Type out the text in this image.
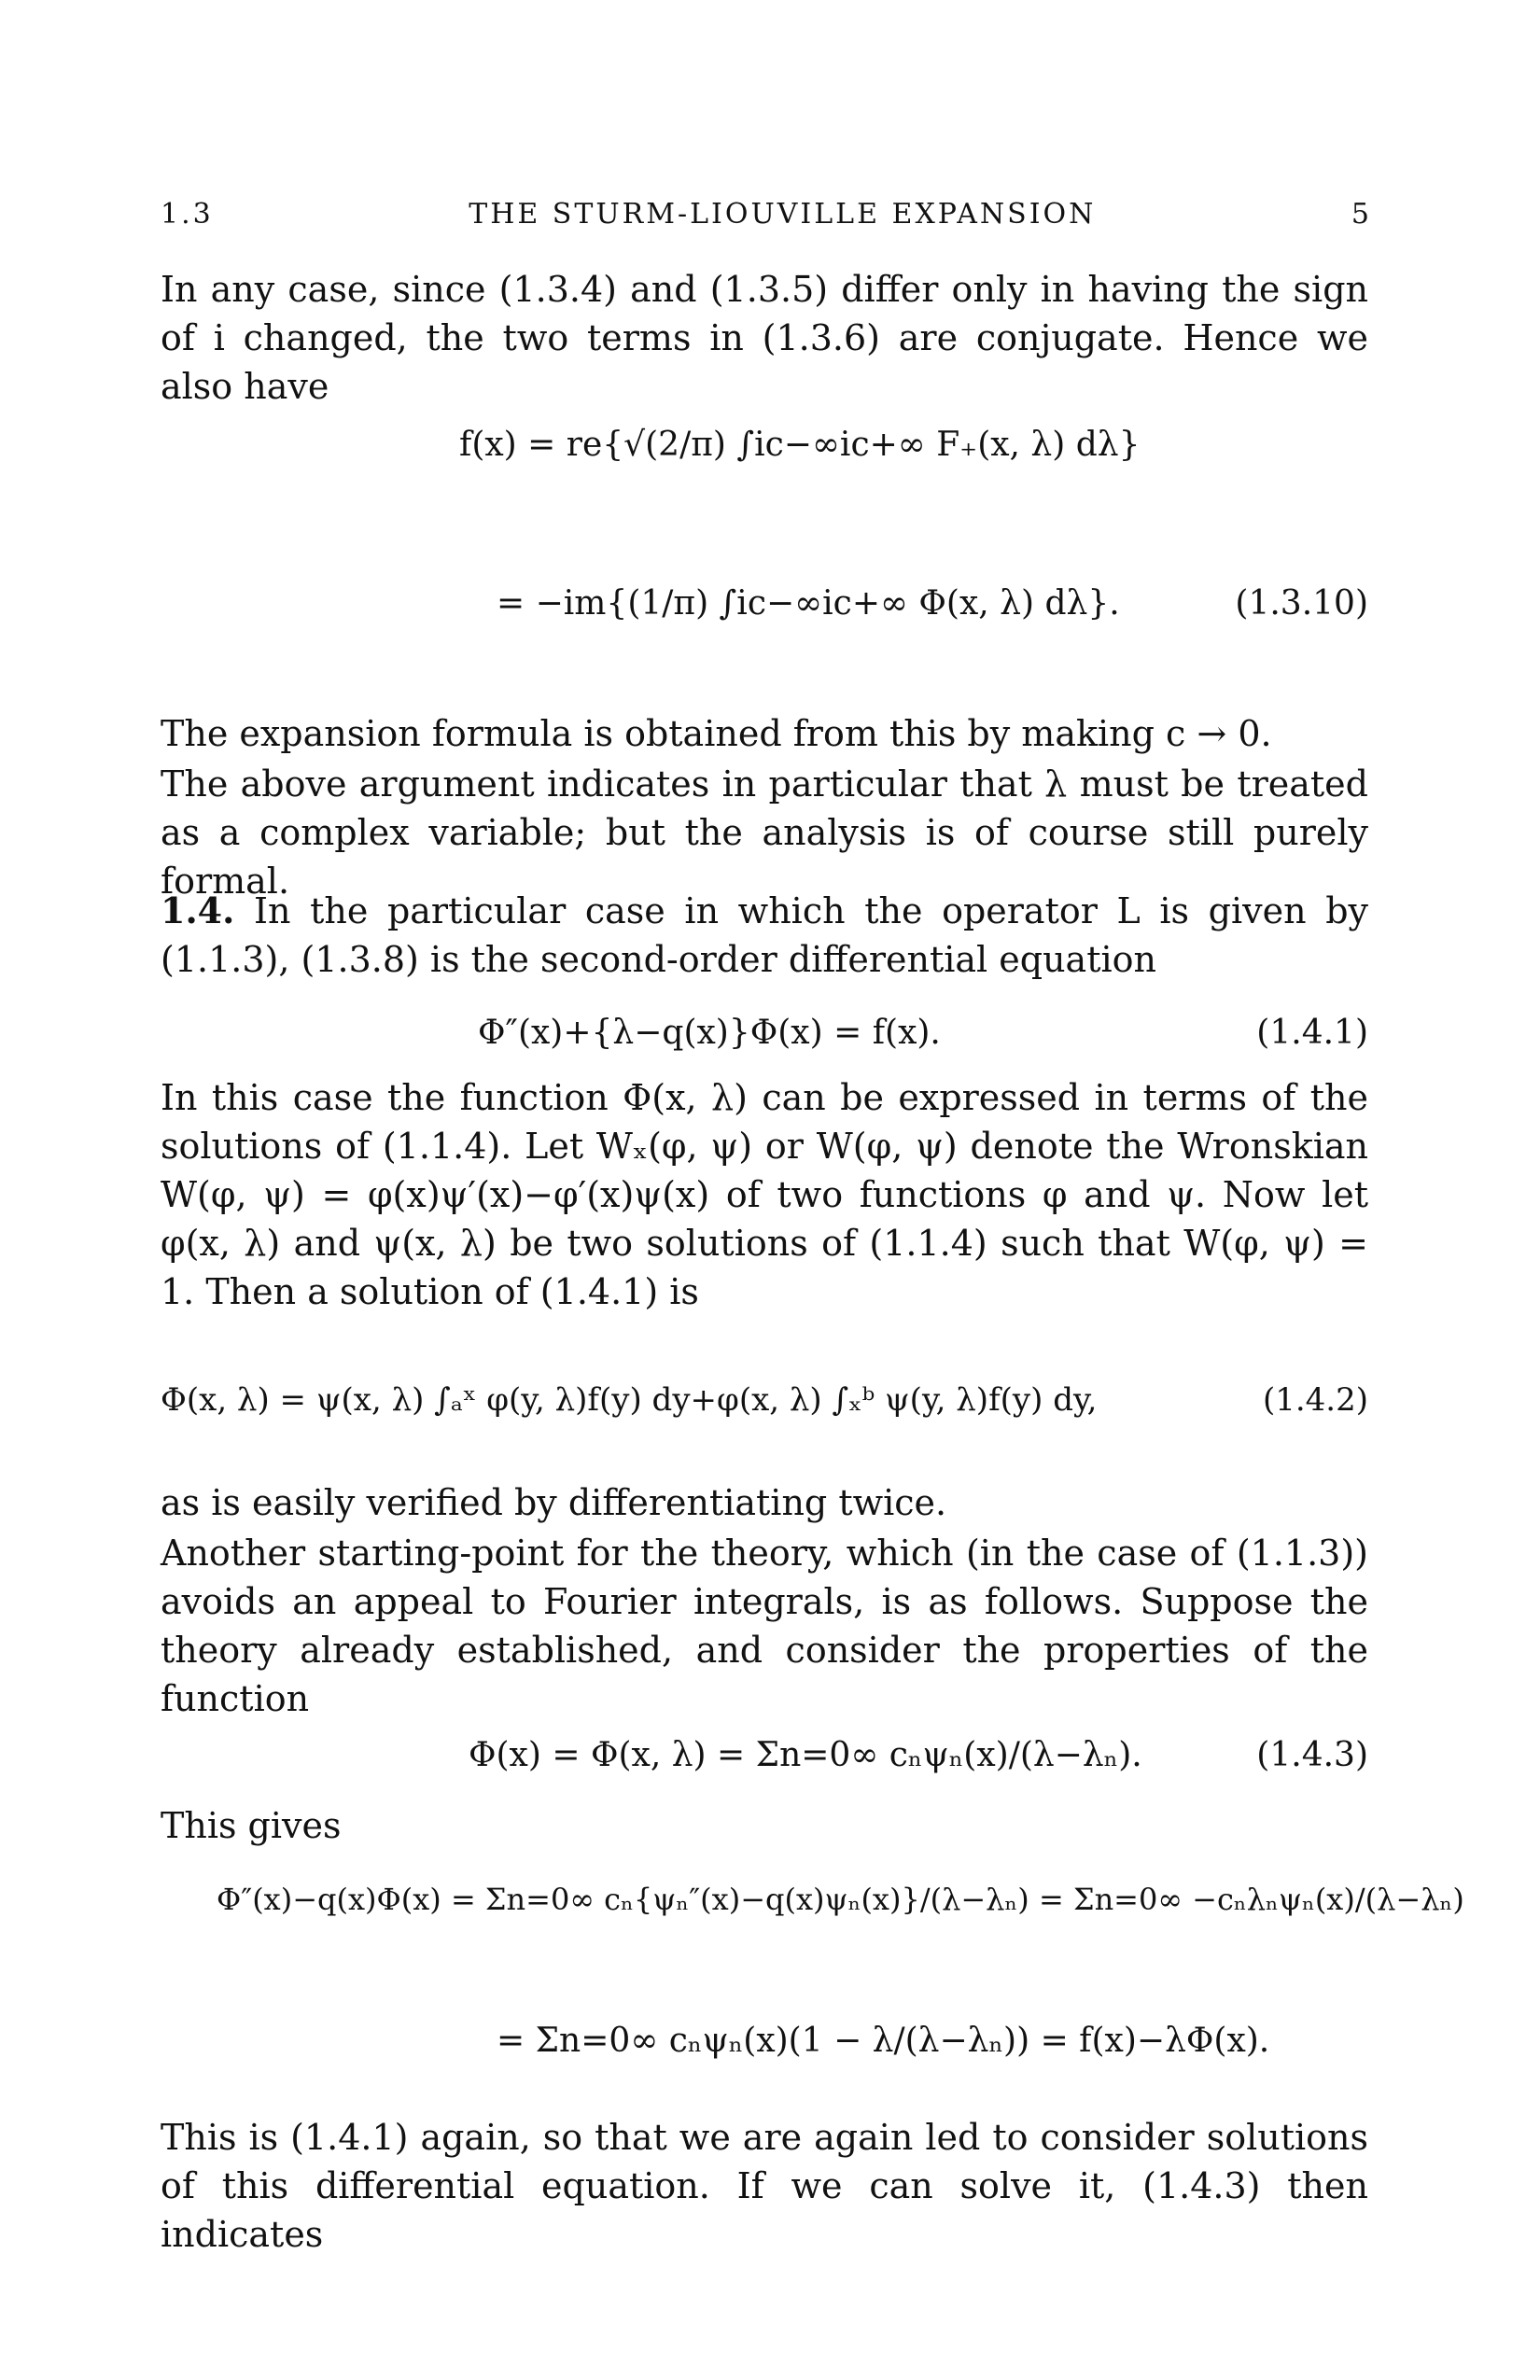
1.3	THE STURM-LIOUVILLE EXPANSION	5

In any case, since (1.3.4) and (1.3.5) differ only in having the sign of i changed, the two terms in (1.3.6) are conjugate. Hence we also have

f(x) = re{√(2/π) ∫ic−∞ic+∞ F₊(x, λ) dλ}
= −im{(1/π) ∫ic−∞ic+∞ Φ(x, λ) dλ}.	(1.3.10)

The expansion formula is obtained from this by making c → 0.

The above argument indicates in particular that λ must be treated as a complex variable; but the analysis is of course still purely formal.

1.4. In the particular case in which the operator L is given by (1.1.3), (1.3.8) is the second-order differential equation

Φ″(x)+{λ−q(x)}Φ(x) = f(x).	(1.4.1)

In this case the function Φ(x, λ) can be expressed in terms of the solutions of (1.1.4). Let Wₓ(φ, ψ) or W(φ, ψ) denote the Wronskian W(φ, ψ) = φ(x)ψ′(x)−φ′(x)ψ(x) of two functions φ and ψ. Now let φ(x, λ) and ψ(x, λ) be two solutions of (1.1.4) such that W(φ, ψ) = 1. Then a solution of (1.4.1) is

Φ(x, λ) = ψ(x, λ) ∫ₐˣ φ(y, λ)f(y) dy+φ(x, λ) ∫ₓᵇ ψ(y, λ)f(y) dy,	(1.4.2)

as is easily verified by differentiating twice.

Another starting-point for the theory, which (in the case of (1.1.3)) avoids an appeal to Fourier integrals, is as follows. Suppose the theory already established, and consider the properties of the function

Φ(x) = Φ(x, λ) = Σn=0∞ cₙψₙ(x)/(λ−λₙ).	(1.4.3)

This gives

Φ″(x)−q(x)Φ(x) = Σn=0∞ cₙ{ψₙ″(x)−q(x)ψₙ(x)}/(λ−λₙ) = Σn=0∞ −cₙλₙψₙ(x)/(λ−λₙ)
= Σn=0∞ cₙψₙ(x)(1 − λ/(λ−λₙ)) = f(x)−λΦ(x).

This is (1.4.1) again, so that we are again led to consider solutions of this differential equation. If we can solve it, (1.4.3) then indicates
